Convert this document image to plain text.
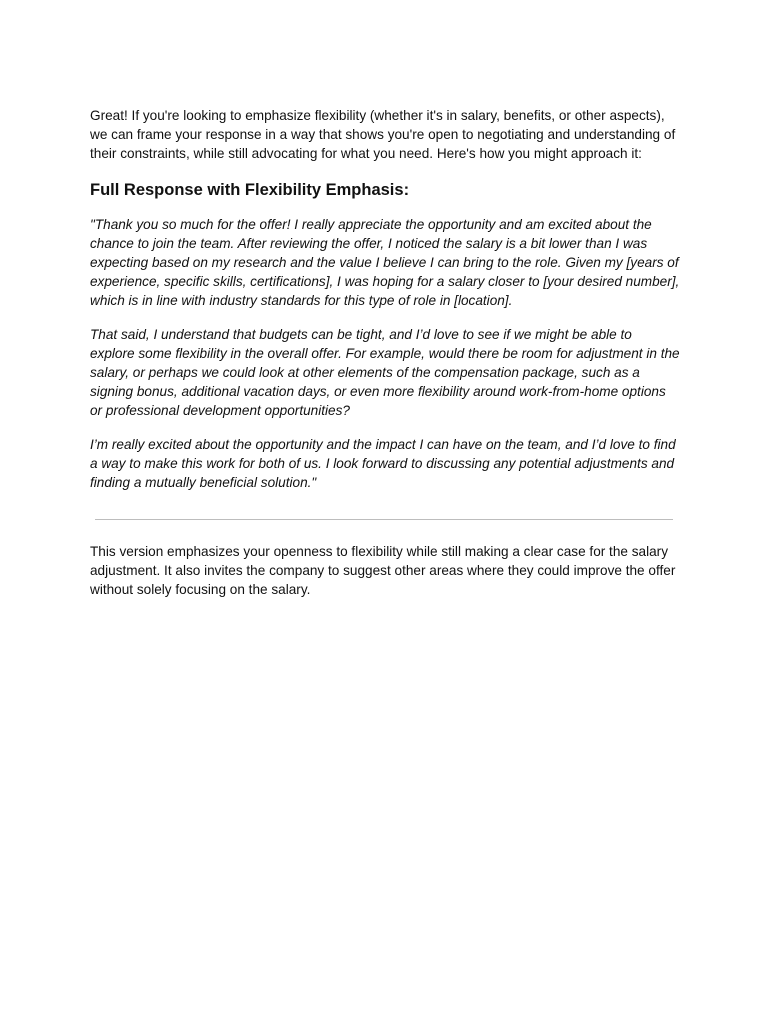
Great! If you're looking to emphasize flexibility (whether it's in salary, benefits, or other aspects), we can frame your response in a way that shows you're open to negotiating and understanding of their constraints, while still advocating for what you need. Here's how you might approach it:

Full Response with Flexibility Emphasis:

"Thank you so much for the offer! I really appreciate the opportunity and am excited about the chance to join the team. After reviewing the offer, I noticed the salary is a bit lower than I was expecting based on my research and the value I believe I can bring to the role. Given my [years of experience, specific skills, certifications], I was hoping for a salary closer to [your desired number], which is in line with industry standards for this type of role in [location].

That said, I understand that budgets can be tight, and I’d love to see if we might be able to explore some flexibility in the overall offer. For example, would there be room for adjustment in the salary, or perhaps we could look at other elements of the compensation package, such as a signing bonus, additional vacation days, or even more flexibility around work-from-home options or professional development opportunities?

I’m really excited about the opportunity and the impact I can have on the team, and I’d love to find a way to make this work for both of us. I look forward to discussing any potential adjustments and finding a mutually beneficial solution."

This version emphasizes your openness to flexibility while still making a clear case for the salary adjustment. It also invites the company to suggest other areas where they could improve the offer without solely focusing on the salary.
